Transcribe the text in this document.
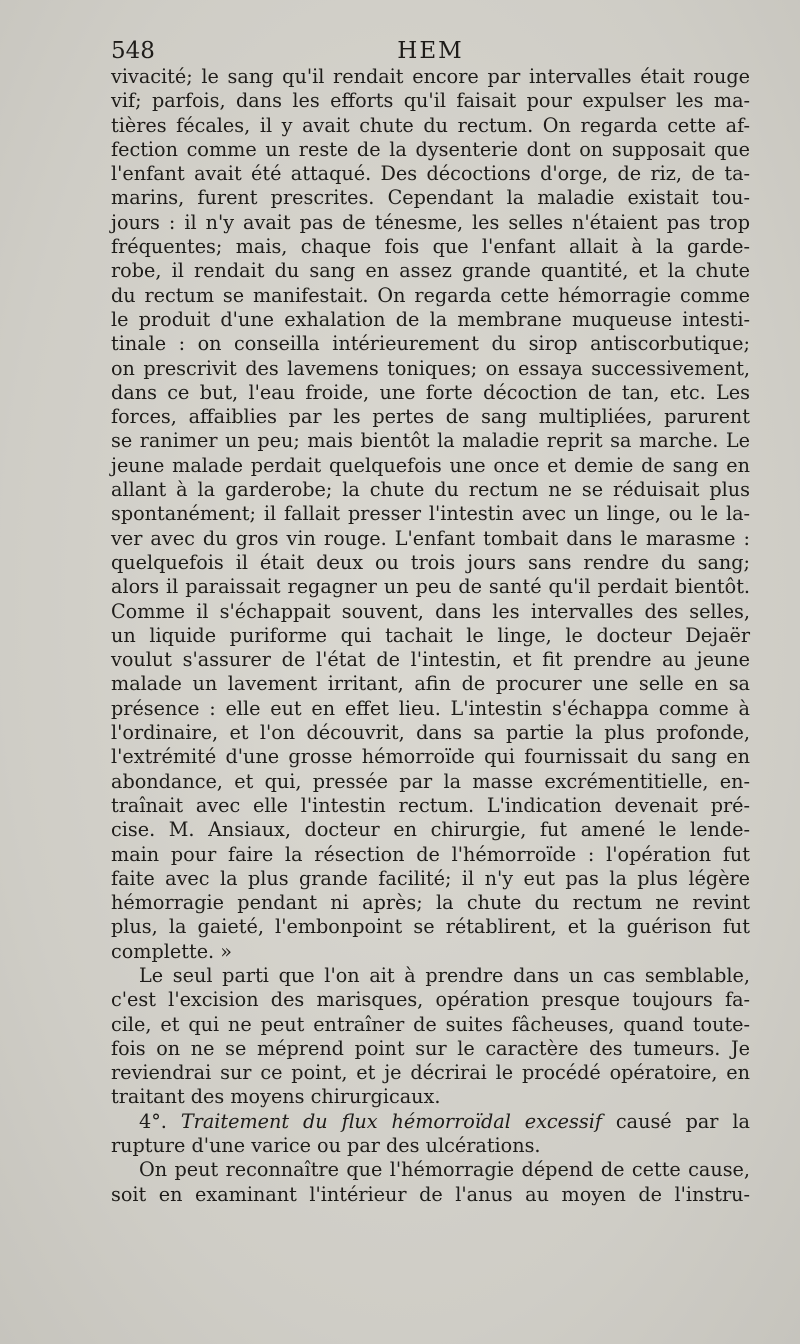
548	HEM
vivacité; le sang qu'il rendait encore par intervalles était rouge
vif; parfois, dans les efforts qu'il faisait pour expulser les ma-
tières fécales, il y avait chute du rectum. On regarda cette af-
fection comme un reste de la dysenterie dont on supposait que
l'enfant avait été attaqué. Des décoctions d'orge, de riz, de ta-
marins, furent prescrites. Cependant la maladie existait tou-
jours : il n'y avait pas de ténesme, les selles n'étaient pas trop
fréquentes; mais, chaque fois que l'enfant allait à la garde-
robe, il rendait du sang en assez grande quantité, et la chute
du rectum se manifestait. On regarda cette hémorragie comme
le produit d'une exhalation de la membrane muqueuse intesti-
tinale : on conseilla intérieurement du sirop antiscorbutique;
on prescrivit des lavemens toniques; on essaya successivement,
dans ce but, l'eau froide, une forte décoction de tan, etc. Les
forces, affaiblies par les pertes de sang multipliées, parurent
se ranimer un peu; mais bientôt la maladie reprit sa marche. Le
jeune malade perdait quelquefois une once et demie de sang en
allant à la garderobe; la chute du rectum ne se réduisait plus
spontanément; il fallait presser l'intestin avec un linge, ou le la-
ver avec du gros vin rouge. L'enfant tombait dans le marasme :
quelquefois il était deux ou trois jours sans rendre du sang;
alors il paraissait regagner un peu de santé qu'il perdait bientôt.
Comme il s'échappait souvent, dans les intervalles des selles,
un liquide puriforme qui tachait le linge, le docteur Dejaër
voulut s'assurer de l'état de l'intestin, et fit prendre au jeune
malade un lavement irritant, afin de procurer une selle en sa
présence : elle eut en effet lieu. L'intestin s'échappa comme à
l'ordinaire, et l'on découvrit, dans sa partie la plus profonde,
l'extrémité d'une grosse hémorroïde qui fournissait du sang en
abondance, et qui, pressée par la masse excrémentitielle, en-
traînait avec elle l'intestin rectum. L'indication devenait pré-
cise. M. Ansiaux, docteur en chirurgie, fut amené le lende-
main pour faire la résection de l'hémorroïde : l'opération fut
faite avec la plus grande facilité; il n'y eut pas la plus légère
hémorragie pendant ni après; la chute du rectum ne revint
plus, la gaieté, l'embonpoint se rétablirent, et la guérison fut
complette. »
Le seul parti que l'on ait à prendre dans un cas semblable,
c'est l'excision des marisques, opération presque toujours fa-
cile, et qui ne peut entraîner de suites fâcheuses, quand toute-
fois on ne se méprend point sur le caractère des tumeurs. Je
reviendrai sur ce point, et je décrirai le procédé opératoire, en
traitant des moyens chirurgicaux.
4°. Traitement du flux hémorroïdal excessif causé par la
rupture d'une varice ou par des ulcérations.
On peut reconnaître que l'hémorragie dépend de cette cause,
soit en examinant l'intérieur de l'anus au moyen de l'instru-
